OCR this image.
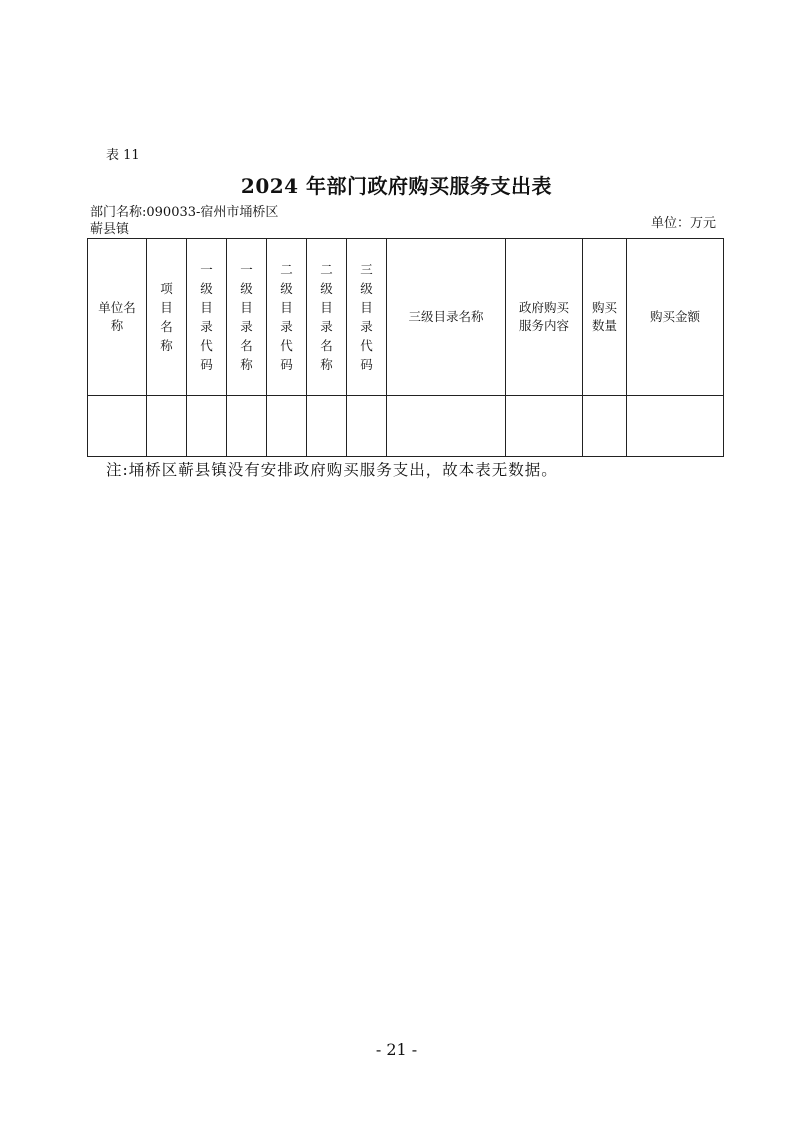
表 11
2024 年部门政府购买服务支出表
部门名称:090033-宿州市埇桥区蕲县镇	单位：万元
单位名称	项目名称	一级目录代码	一级目录名称	二级目录代码	二级目录名称	三级目录代码	三级目录名称	政府购买服务内容	购买数量	购买金额

注:埇桥区蕲县镇没有安排政府购买服务支出，故本表无数据。
- 21 -
